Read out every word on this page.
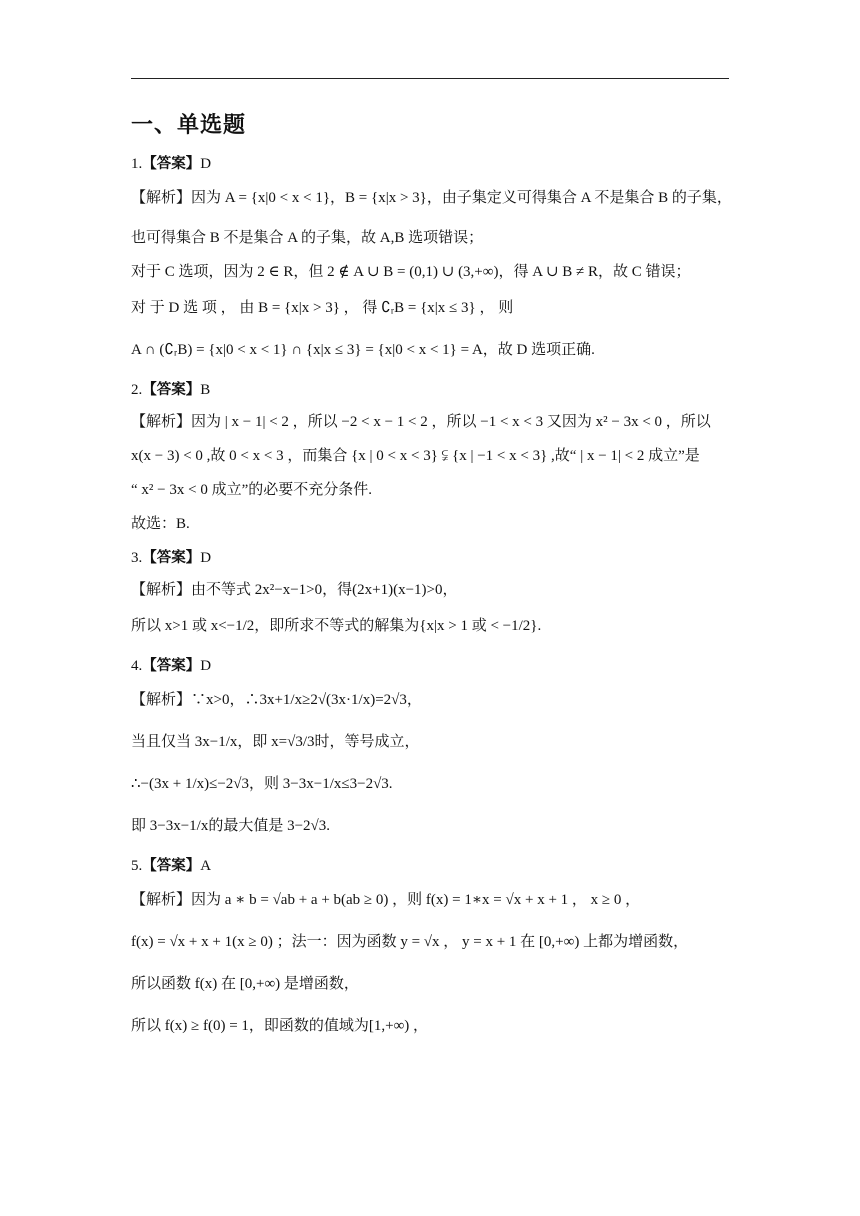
一、单选题
1.【答案】D
【解析】因为 A = {x|0 < x < 1}，B = {x|x > 3}，由子集定义可得集合 A 不是集合 B 的子集，
也可得集合 B 不是集合 A 的子集，故 A,B 选项错误；
对于 C 选项，因为 2 ∈ R，但 2 ∉ A ∪ B = (0,1) ∪ (3,+∞)，得 A ∪ B ≠ R，故 C 错误；
对 于 D 选 项 ， 由 B = {x|x > 3} ， 得 ∁ᵣB = {x|x ≤ 3} ， 则
A ∩ (∁ᵣB) = {x|0 < x < 1} ∩ {x|x ≤ 3} = {x|0 < x < 1} = A，故 D 选项正确.
2.【答案】B
【解析】因为 | x − 1| < 2 ，所以 −2 < x − 1 < 2 ，所以 −1 < x < 3 又因为 x² − 3x < 0 ，所以
x(x − 3) < 0 ,故 0 < x < 3 ，而集合 {x | 0 < x < 3} ⫋ {x | −1 < x < 3} ,故“ | x − 1| < 2 成立”是
“ x² − 3x < 0 成立”的必要不充分条件.
故选：B.
3.【答案】D
【解析】由不等式 2x²−x−1>0，得(2x+1)(x−1)>0，
所以 x>1 或 x<−1/2，即所求不等式的解集为{x|x > 1 或 < −1/2}.
4.【答案】D
【解析】∵x>0，∴3x+1/x≥2√(3x·1/x)=2√3，
当且仅当 3x−1/x，即 x=√3/3时，等号成立，
∴−(3x + 1/x)≤−2√3，则 3−3x−1/x≤3−2√3.
即 3−3x−1/x的最大值是 3−2√3.
5.【答案】A
【解析】因为 a ∗ b = √ab + a + b(ab ≥ 0) ，则 f(x) = 1∗x = √x + x + 1 ， x ≥ 0 ，
f(x) = √x + x + 1(x ≥ 0) ；法一：因为函数 y = √x ， y = x + 1 在 [0,+∞) 上都为增函数，
所以函数 f(x) 在 [0,+∞) 是增函数，
所以 f(x) ≥ f(0) = 1，即函数的值域为[1,+∞) ，
